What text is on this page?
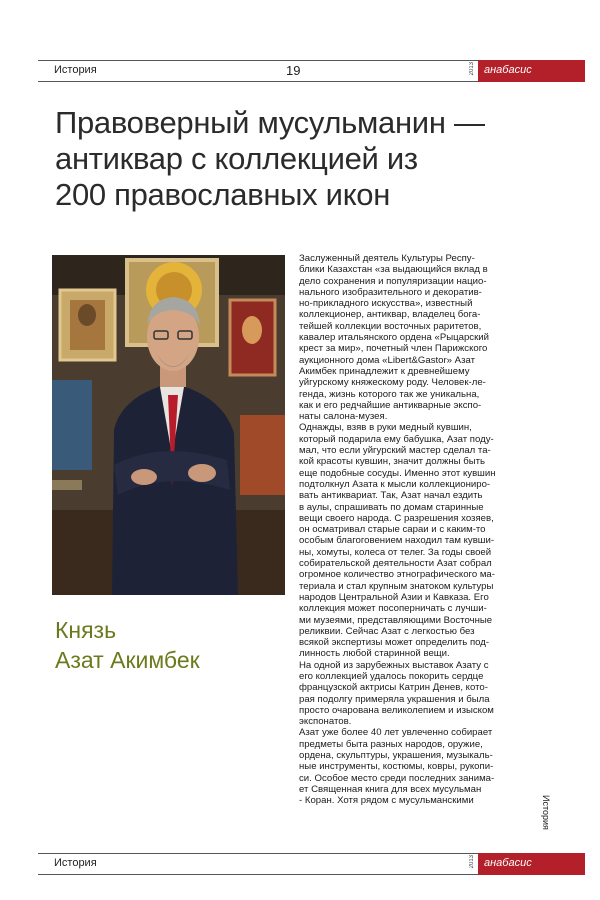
История	19	2013 анабасис
Правоверный мусульманин —
антиквар с коллекцией из
200 православных икон
Князь
Азат Акимбек

Заслуженный деятель Культуры Респу-

блики Казахстан «за выдающийся вклад в

дело сохранения и популяризации нацио-

нального изобразительного и декоратив-

но-прикладного искусства», известный

коллекционер, антиквар, владелец бога-

тейшей коллекции восточных раритетов,

кавалер итальянского ордена «Рыцарский

крест за мир», почетный член Парижского

аукционного дома «Libert&Gastor» Азат

Акимбек принадлежит к древнейшему

уйгурскому княжескому роду. Человек-ле-

генда, жизнь которого так же уникальна,

как и его редчайшие антикварные экспо-

наты салона-музея.

Однажды, взяв в руки медный кувшин,

который подарила ему бабушка, Азат поду-

мал, что если уйгурский мастер сделал та-

кой красоты кувшин, значит должны быть

еще подобные сосуды. Именно этот кувшин

подтолкнул Азата к мысли коллекциониро-

вать антиквариат. Так, Азат начал ездить

в аулы, спрашивать по домам старинные

вещи своего народа. С разрешения хозяев,

он осматривал старые сараи и с каким-то

особым благоговением находил там кувши-

ны, хомуты, колеса от телег. За годы своей

собирательской деятельности Азат собрал

огромное количество этнографического ма-

териала и стал крупным знатоком культуры

народов Центральной Азии и Кавказа. Его

коллекция может посоперничать с лучши-

ми музеями, представляющими Восточные

реликвии. Сейчас Азат с легкостью без

всякой экспертизы может определить под-

линность любой старинной вещи.

На одной из зарубежных выставок Азату с

его коллекцией удалось покорить сердце

французской актрисы Катрин Денев, кото-

рая подолгу примеряла украшения и была

просто очарована великолепием и изыском

экспонатов.

Азат уже более 40 лет увлеченно собирает

предметы быта разных народов, оружие,

ордена, скульптуры, украшения, музыкаль-

ные инструменты, костюмы, ковры, рукопи-

си. Особое место среди последних занима-

ет Священная книга для всех мусульман

- Коран. Хотя рядом с мусульманскими	История
История	2013 анабасис
